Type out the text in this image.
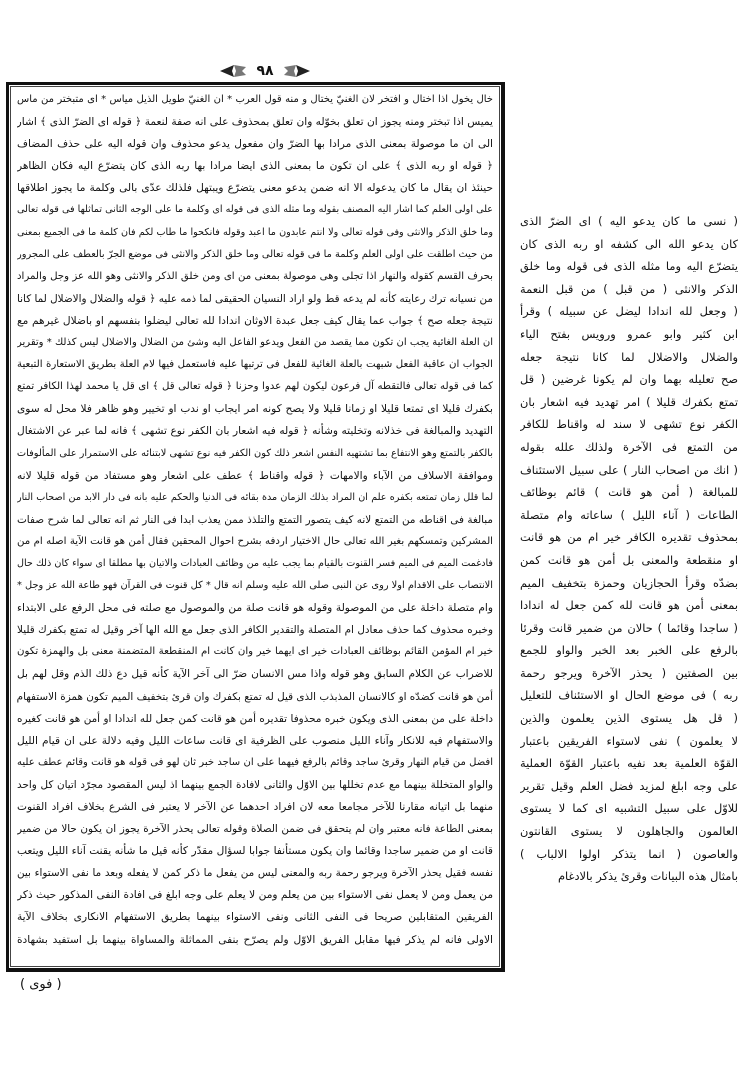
٩٨
خال يخول اذا اختال و افتخر لان الغنيّ يختال و منه قول العرب * ان الغنيّ طويل الذيل مياس * اى متبختر من ماس
يميس اذا تبختر ومنه يجوز ان تعلق بخوّله وان تعلق بمحذوف على انه صفة لنعمة ﴿ قوله اى الضرّ الذى ﴾ اشار
الى ان ما موصولة بمعنى الذى مرادا بها الضرّ وان مفعول يدعو محذوف وان قوله اليه على حذف المضاف
﴿ قوله او ربه الذى ﴾ على ان تكون ما بمعنى الذى ايضا مرادا بها ربه الذى كان يتضرّع اليه فكان الظاهر
حينئذ ان يقال ما كان يدعوله الا انه ضمن يدعو معنى يتضرّع ويبتهل فلذلك عدّى بالى وكلمة ما يجوز اطلاقها
على اولى العلم كما اشار اليه المصنف بقوله وما مثله الذى فى قوله اى وكلمة ما على الوجه الثانى تماثلها فى قوله تعالى
وما خلق الذكر والانثى وفى قوله تعالى ولا انتم عابدون ما اعبد وقوله فانكحوا ما طاب لكم فان كلمة ما فى الجميع بمعنى
من حيث اطلقت على اولى العلم وكلمة ما فى قوله تعالى وما خلق الذكر والانثى فى موضع الجرّ بالعطف على المجرور
بحرف القسم كقوله والنهار اذا تجلى وهى موصولة بمعنى من اى ومن خلق الذكر والانثى وهو الله عز وجل والمراد
من نسيانه ترك رعايته كأنه لم يدعه قط ولو اراد النسيان الحقيقى لما ذمه عليه ﴿ قوله والضلال والاضلال لما كانا
نتيجة جعله صح ﴾ جواب عما يقال كيف جعل عبدة الاوثان اندادا لله تعالى ليضلوا بنفسهم او باضلال غيرهم مع
ان العلة الغائية يجب ان تكون مما يقصد من الفعل ويدعو الفاعل اليه وشئ من الضلال والاضلال ليس كذلك * وتقرير
الجواب ان عاقبة الفعل شبهت بالعلة الغائية للفعل فى ترتبها عليه فاستعمل فيها لام العلة بطريق الاستعارة التبعية
كما فى قوله تعالى فالتقطه آل فرعون ليكون لهم عدوا وحزنا ﴿ قوله تعالى قل ﴾ اى قل يا محمد لهذا الكافر تمتع
بكفرك قليلا اى تمتعا قليلا او زمانا قليلا ولا يصح كونه امر ايجاب او ندب او تخيير وهو ظاهر فلا محل له سوى
التهديد والمبالغة فى خذلانه وتخليته وشأنه ﴿ قوله فيه اشعار بان الكفر نوع تشهى ﴾ فانه لما عبر عن الاشتغال
بالكفر بالتمتع وهو الانتفاع بما تشتهيه النفس اشعر ذلك كون الكفر فيه نوع تشهى لابتنائه على الاستمرار على المألوفات
وموافقة الاسلاف من الآباء والامهات ﴿ قوله واقناط ﴾ عطف على اشعار وهو مستفاد من قوله قليلا لانه
لما قلل زمان تمتعه بكفره علم ان المراد بذلك الزمان مدة بقائه فى الدنيا والحكم عليه بانه فى دار الابد من اصحاب النار
مبالغة فى اقناطه من التمتع لانه كيف يتصور التمتع والتلذذ ممن يعذب ابدا فى النار ثم انه تعالى لما شرح صفات
المشركين وتمسكهم بغير الله تعالى حال الاختيار اردفه بشرح احوال المحقين فقال أمن هو قانت الآية اصله ام من
فادغمت الميم فى الميم فسر القنوت بالقيام بما يجب عليه من وظائف العبادات والاتيان بها مطلقا اى سواء كان ذلك حال
الانتصاب على الاقدام اولا روى عن النبى صلى الله عليه وسلم انه قال * كل قنوت فى القرآن فهو طاعة الله عز وجل *
وام متصلة داخلة على من الموصولة وقوله هو قانت صلة من والموصول مع صلته فى محل الرفع على الابتداء
وخبره محذوف كما حذف معادل ام المتصلة والتقدير الكافر الذى جعل مع الله الها آخر وقيل له تمتع بكفرك قليلا
خير ام المؤمن القائم بوظائف العبادات خير اى ايهما خير وان كانت ام المنقطعة المتضمنة معنى بل والهمزة تكون
للاضراب عن الكلام السابق وهو قوله واذا مس الانسان ضرّ الى آخر الآية كأنه قيل دع ذلك الذم وقل لهم بل
أمن هو قانت كضدّه او كالانسان المذبذب الذى قيل له تمتع بكفرك وان قرئ بتخفيف الميم تكون همزة الاستفهام
داخلة على من بمعنى الذى ويكون خبره محذوفا تقديره أمن هو قانت كمن جعل لله اندادا او أمن هو قانت كغيره
والاستفهام فيه للانكار وآناء الليل منصوب على الظرفية اى قانت ساعات الليل وفيه دلالة على ان قيام الليل
افضل من قيام النهار وقرئ ساجد وقائم بالرفع فيهما على ان ساجد خبر ثان لهو فى قوله هو قانت وقائم عطف عليه
والواو المتخللة بينهما مع عدم تخللها بين الاوّل والثانى لافادة الجمع بينهما اذ ليس المقصود مجرّد اتيان كل واحد
منهما بل اتيانه مقارنا للآخر مجامعا معه لان افراد احدهما عن الآخر لا يعتبر فى الشرع بخلاف افراد القنوت
بمعنى الطاعة فانه معتبر وان لم يتحقق فى ضمن الصلاة وقوله تعالى يحذر الآخرة يجوز ان يكون حالا من ضمير
قانت او من ضمير ساجدا وقائما وان يكون مستأنفا جوابا لسؤال مقدّر كأنه قيل ما شأنه يقنت آناء الليل ويتعب
نفسه فقيل يحذر الآخرة ويرجو رحمة ربه والمعنى ليس من يفعل ما ذكر كمن لا يفعله وبعد ما نفى الاستواء بين
من يعمل ومن لا يعمل نفى الاستواء بين من يعلم ومن لا يعلم على وجه ابلغ فى افادة النفى المذكور حيث ذكر
الفريقين المتقابلين صريحا فى النفى الثانى ونفى الاستواء بينهما بطريق الاستفهام الانكارى بخلاف الآية
الاولى فانه لم يذكر فيها مقابل الفريق الاوّل ولم يصرّح بنفى المماثلة والمساواة بينهما بل استفيد بشهادة
( نسى ما كان يدعو اليه ) اى الضرّ الذى
كان يدعو الله الى كشفه او ربه الذى كان
يتضرّع اليه وما مثله الذى فى قوله وما خلق
الذكر والانثى ( من قبل ) من قبل النعمة
( وجعل لله اندادا ليضل عن سبيله ) وقرأ
ابن كثير وابو عمرو ورويس بفتح الياء
والضلال والاضلال لما كانا نتيجة جعله
صح تعليله بهما وان لم يكونا غرضين ( قل
تمتع بكفرك قليلا ) امر تهديد فيه اشعار بان
الكفر نوع تشهى لا سند له واقناط للكافر
من التمتع فى الآخرة ولذلك علله بقوله
( انك من اصحاب النار ) على سبيل الاستئناف
للمبالغة ( أمن هو قانت ) قائم بوظائف
الطاعات ( آناء الليل ) ساعاته وام متصلة
بمحذوف تقديره الكافر خير ام من هو قانت
او منقطعة والمعنى بل أمن هو قانت كمن
بضدّه وقرأ الحجازيان وحمزة بتخفيف الميم
بمعنى أمن هو قانت لله كمن جعل له اندادا
( ساجدا وقائما ) حالان من ضمير قانت وقرئا
بالرفع على الخبر بعد الخبر والواو للجمع
بين الصفتين ( يحذر الآخرة ويرجو رحمة
ربه ) فى موضع الحال او الاستئناف للتعليل
( قل هل يستوى الذين يعلمون والذين
لا يعلمون ) نفى لاستواء الفريقين باعتبار
القوّة العلمية بعد نفيه باعتبار القوّة العملية
على وجه ابلغ لمزيد فضل العلم وقيل تقرير
للاوّل على سبيل التشبيه اى كما لا يستوى
العالمون والجاهلون لا يستوى القانتون
والعاصون ( انما يتذكر اولوا الالباب )
بامثال هذه البيانات وقرئ يذكر بالادغام
( فوى )
